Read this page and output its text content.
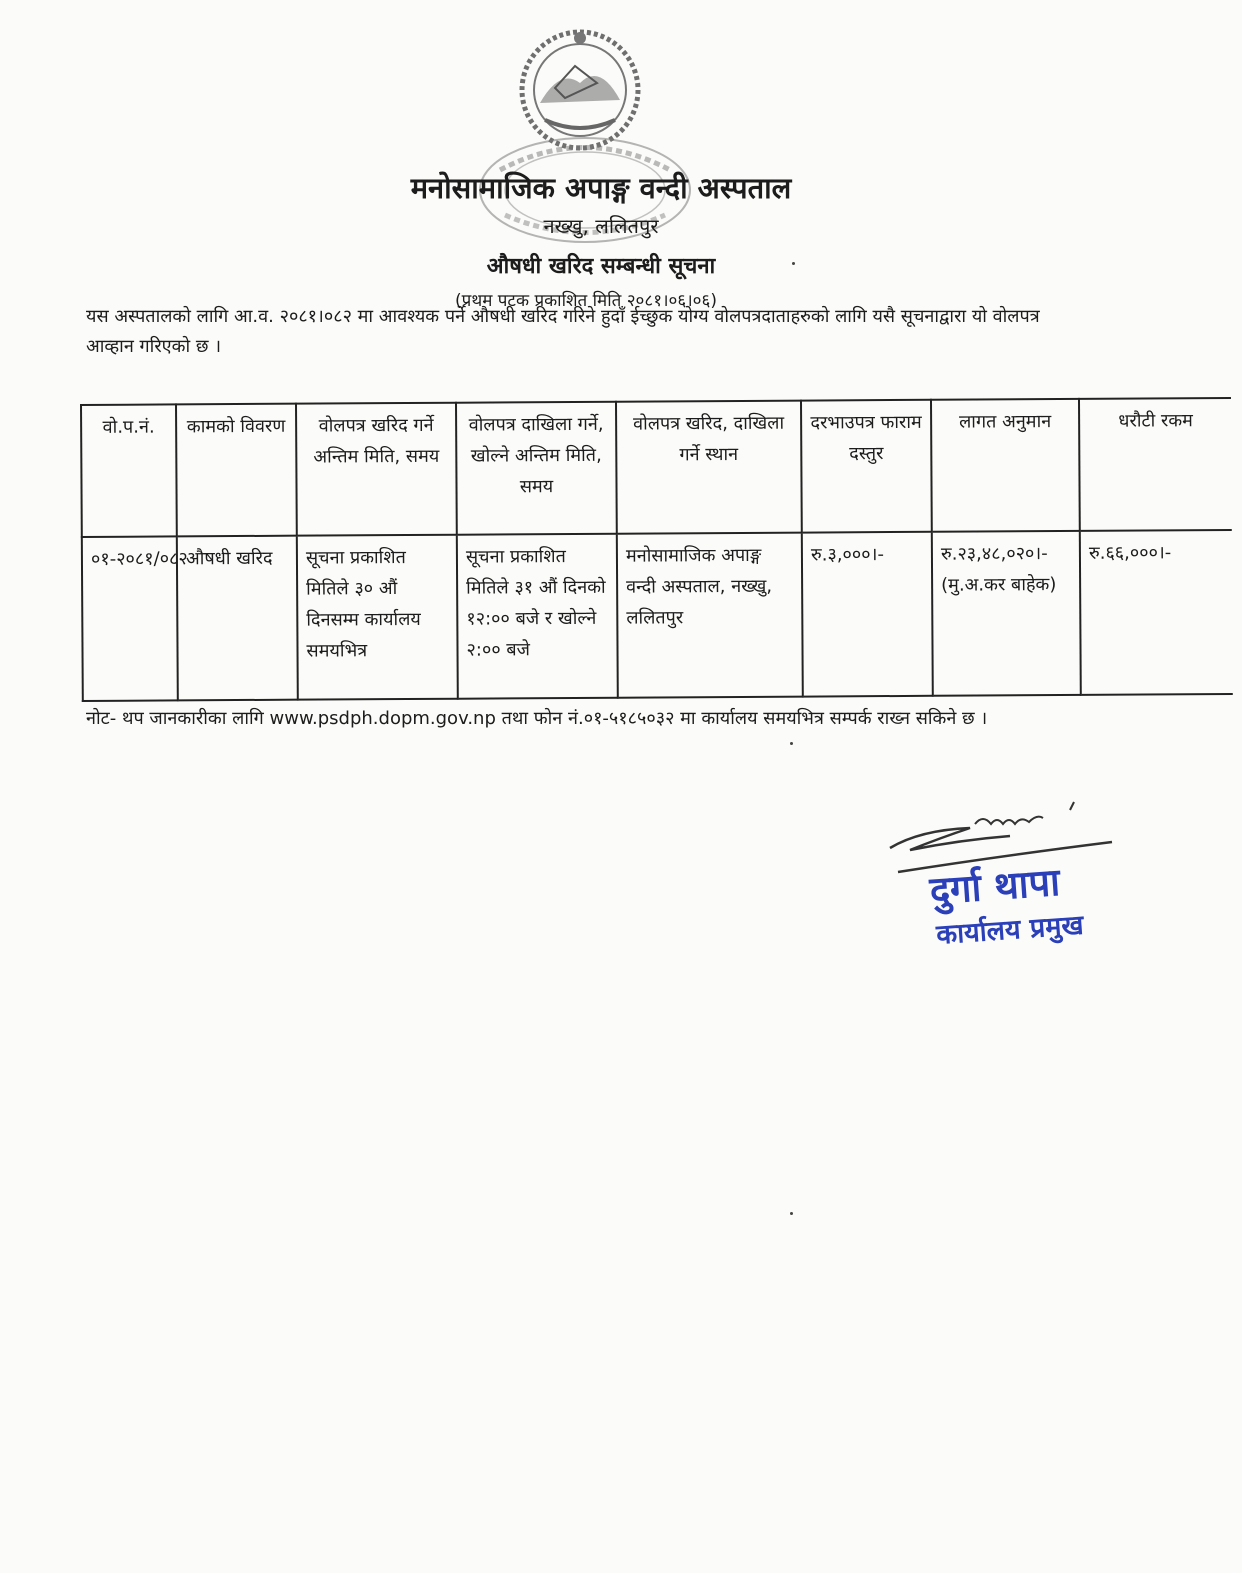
मनोसामाजिक अपाङ्ग वन्दी अस्पताल
नख्खु, ललितपुर
औषधी खरिद सम्बन्धी सूचना
(प्रथम पटक प्रकाशित मिति २०८१।०६।०६)
यस अस्पतालको लागि आ.व. २०८१।०८२ मा आवश्यक पर्ने औषधी खरिद गरिने हुदाँ ईच्छुक योग्य वोलपत्रदाताहरुको लागि यसै सूचनाद्वारा यो वोलपत्र आव्हान गरिएको छ ।
वो.प.नं.	कामको विवरण	वोलपत्र खरिद गर्ने अन्तिम मिति, समय	वोलपत्र दाखिला गर्ने, खोल्ने अन्तिम मिति, समय	वोलपत्र खरिद, दाखिला गर्ने स्थान	दरभाउपत्र फाराम दस्तुर	लागत अनुमान	धरौटी रकम
०१-२०८१/०८२	औषधी खरिद	सूचना प्रकाशित मितिले ३० औं दिनसम्म कार्यालय समयभित्र	सूचना प्रकाशित मितिले ३१ औं दिनको १२:०० बजे र खोल्ने २:०० बजे	मनोसामाजिक अपाङ्ग वन्दी अस्पताल, नख्खु, ललितपुर	रु.३,०००।-	रु.२३,४८,०२०।- (मु.अ.कर बाहेक)	रु.६६,०००।-
नोट- थप जानकारीका लागि www.psdph.dopm.gov.np तथा फोन नं.०१-५१८५०३२ मा कार्यालय समयभित्र सम्पर्क राख्न सकिने छ ।
दुर्गा थापा
कार्यालय प्रमुख
